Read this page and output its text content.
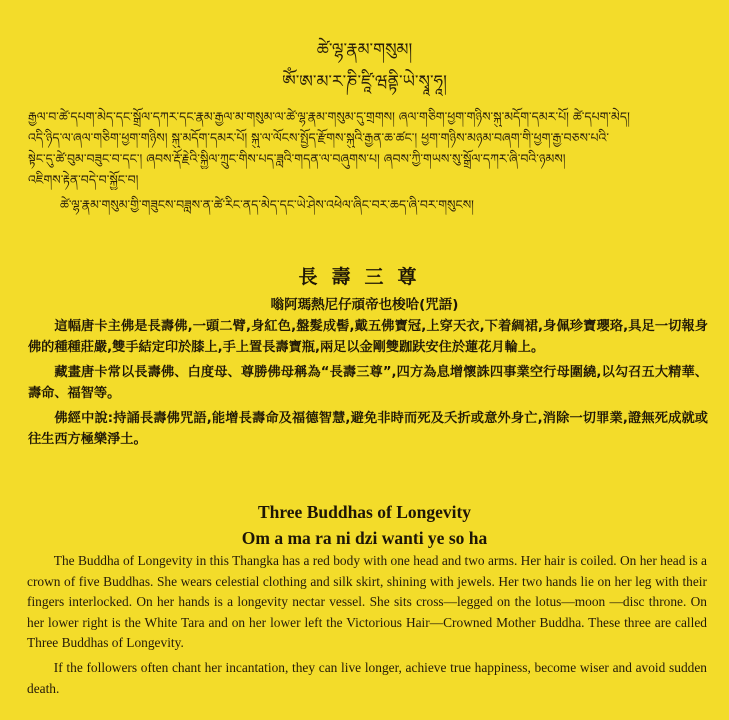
ཚེ་ལྷ་རྣམ་གསུམ།
ཨོཾ་ཨ་མ་ར་ཎི་ཛཱི་ཝནྟི་ཡེ་སྭཱ་ཧཱ།
རྒྱལ་བ་ཚེ་དཔག་མེད་དང་སྒྲོལ་དཀར་དང་རྣམ་རྒྱལ་མ་གསུམ་ལ་ཚེ་ལྷ་རྣམ་གསུམ་དུ་གྲགས། ཞལ་གཅིག་ཕྱག་གཉིས་སྐུ་མདོག་དམར་པོ། ཚེ་དཔག་མེད།
འདི་ཉིད་ལ་ཞལ་གཅིག་ཕྱག་གཉིས། སྐུ་མདོག་དམར་པོ། སྐུ་ལ་ལོངས་སྤྱོད་རྫོགས་སྐུའི་རྒྱན་ཆ་ཚང་། ཕྱག་གཉིས་མཉམ་བཞག་གི་ཕྱག་རྒྱ་བཅས་པའི་
སྟེང་དུ་ཚེ་བུམ་བཟུང་བ་དང་། ཞབས་རྡོ་རྗེའི་སྐྱིལ་ཀྲུང་གིས་པད་ཟླའི་གདན་ལ་བཞུགས་པ། ཞབས་ཀྱི་གཡས་སུ་སྒྲོལ་དཀར་ཞི་བའི་ཉམས།
འཇིགས་རྟེན་བདེ་བ་སྐྱོང་བ།
ཚེ་ལྷ་རྣམ་གསུམ་གྱི་གཟུངས་བཟླས་ན་ཚེ་རིང་ནད་མེད་དང་ཡེ་ཤེས་འཕེལ་ཞིང་བར་ཆད་ཞི་བར་གསུངས།
長壽三尊
嗡阿瑪熱尼仔頑帝也梭哈(咒語)

這幅唐卡主佛是長壽佛,一頭二臂,身紅色,盤髮成髻,戴五佛寶冠,上穿天衣,下着綢裙,身佩珍寶瓔珞,具足一切報身佛的種種莊嚴,雙手結定印於膝上,手上置長壽寶瓶,兩足以金剛雙跏趺安住於蓮花月輪上。

藏畫唐卡常以長壽佛、白度母、尊勝佛母稱為“長壽三尊”,四方為息增懷誅四事業空行母圍繞,以勾召五大精華、壽命、福智等。

佛經中說:持誦長壽佛咒語,能增長壽命及福德智慧,避免非時而死及夭折或意外身亡,消除一切罪業,證無死成就或往生西方極樂淨土。

Three Buddhas of Longevity
Om a ma ra ni dzi wanti ye so ha

The Buddha of Longevity in this Thangka has a red body with one head and two arms. Her hair is coiled. On her head is a crown of five Buddhas. She wears celestial clothing and silk skirt, shining with jewels. Her two hands lie on her leg with their fingers interlocked. On her hands is a longevity nectar vessel. She sits cross—legged on the lotus—moon —disc throne. On her lower right is the White Tara and on her lower left the Victorious Hair—Crowned Mother Buddha. These three are called Three Buddhas of Longevity.

If the followers often chant her incantation, they can live longer, achieve true happiness, become wiser and avoid sudden death.
